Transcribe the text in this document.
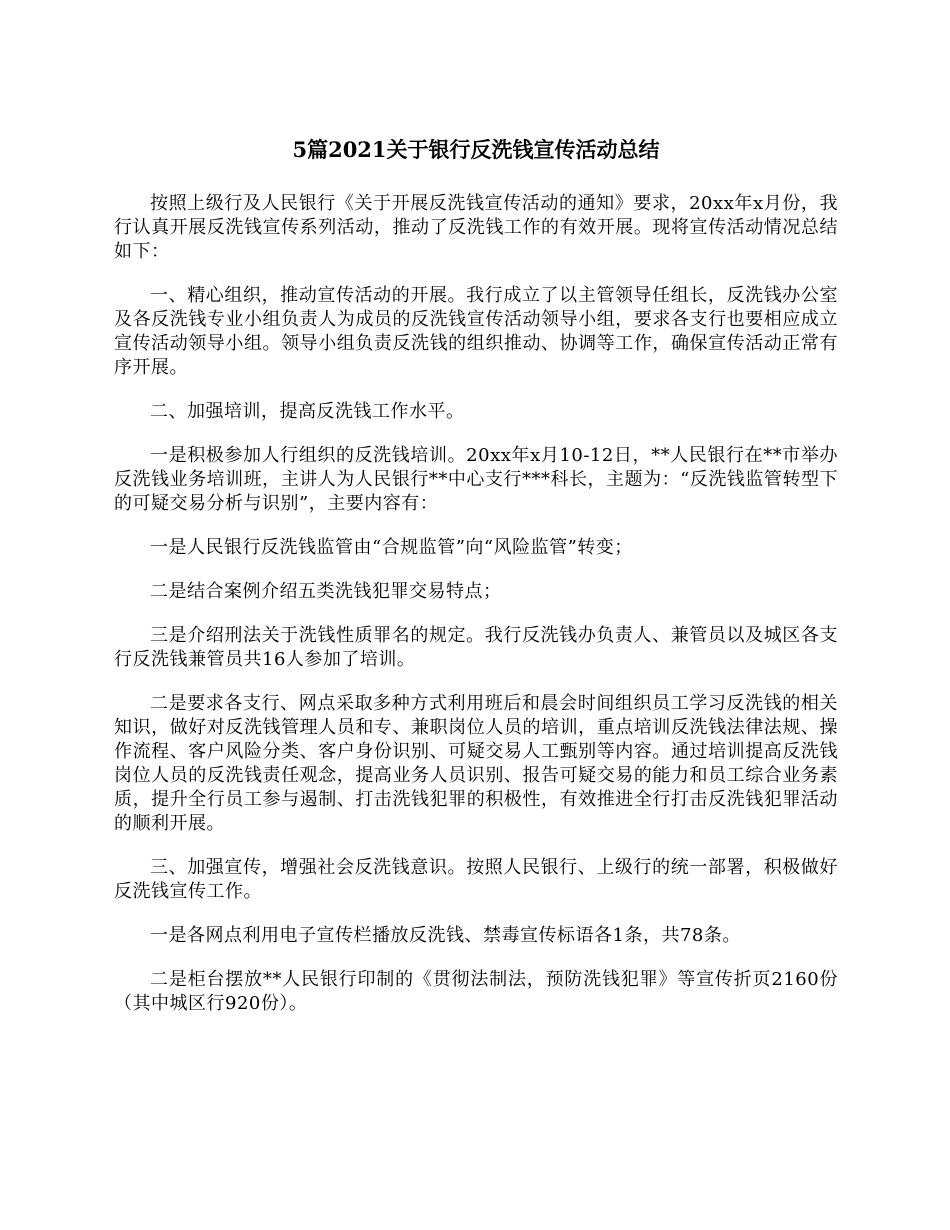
5篇2021关于银行反洗钱宣传活动总结

按照上级行及人民银行《关于开展反洗钱宣传活动的通知》要求，20xx年x月份，我行认真开展反洗钱宣传系列活动，推动了反洗钱工作的有效开展。现将宣传活动情况总结如下：

一、精心组织，推动宣传活动的开展。我行成立了以主管领导任组长，反洗钱办公室及各反洗钱专业小组负责人为成员的反洗钱宣传活动领导小组，要求各支行也要相应成立宣传活动领导小组。领导小组负责反洗钱的组织推动、协调等工作，确保宣传活动正常有序开展。

二、加强培训，提高反洗钱工作水平。

一是积极参加人行组织的反洗钱培训。20xx年x月10-12日，**人民银行在**市举办反洗钱业务培训班，主讲人为人民银行**中心支行***科长，主题为：“反洗钱监管转型下的可疑交易分析与识别”，主要内容有：

一是人民银行反洗钱监管由“合规监管”向“风险监管”转变；

二是结合案例介绍五类洗钱犯罪交易特点；

三是介绍刑法关于洗钱性质罪名的规定。我行反洗钱办负责人、兼管员以及城区各支行反洗钱兼管员共16人参加了培训。

二是要求各支行、网点采取多种方式利用班后和晨会时间组织员工学习反洗钱的相关知识，做好对反洗钱管理人员和专、兼职岗位人员的培训，重点培训反洗钱法律法规、操作流程、客户风险分类、客户身份识别、可疑交易人工甄别等内容。通过培训提高反洗钱岗位人员的反洗钱责任观念，提高业务人员识别、报告可疑交易的能力和员工综合业务素质，提升全行员工参与遏制、打击洗钱犯罪的积极性，有效推进全行打击反洗钱犯罪活动的顺利开展。

三、加强宣传，增强社会反洗钱意识。按照人民银行、上级行的统一部署，积极做好反洗钱宣传工作。

一是各网点利用电子宣传栏播放反洗钱、禁毒宣传标语各1条，共78条。

二是柜台摆放**人民银行印制的《贯彻法制法，预防洗钱犯罪》等宣传折页2160份（其中城区行920份）。
